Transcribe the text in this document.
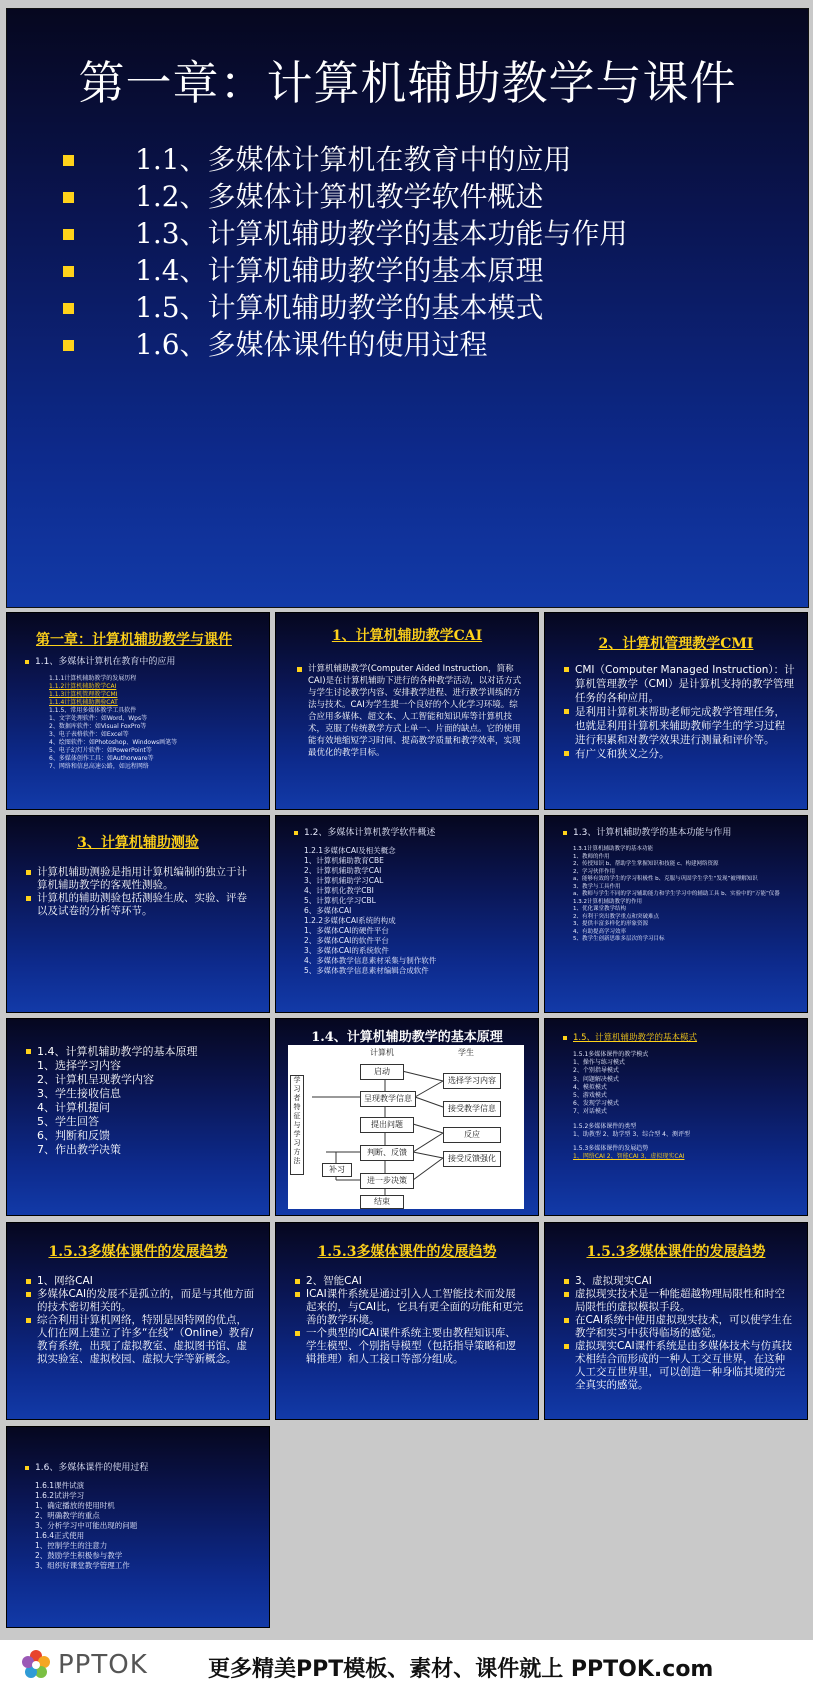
第一章：计算机辅助教学与课件
1.1、多媒体计算机在教育中的应用
1.2、多媒体计算机教学软件概述
1.3、计算机辅助教学的基本功能与作用
1.4、计算机辅助教学的基本原理
1.5、计算机辅助教学的基本模式
1.6、多媒体课件的使用过程
第一章：计算机辅助教学与课件

1.1、多媒体计算机在教育中的应用

1.1.1计算机辅助教学的发展历程

1.1.2计算机辅助教学CAI

1.1.3计算机管理教学CMI

1.1.4计算机辅助测验CAT

1.1.5、常用多媒体教学工具软件

1、文字处理软件：如Word、Wps等

2、数据库软件：如Visual FoxPro等

3、电子表格软件：如Excel等

4、绘图软件：如Photoshop、Windows画笔等

5、电子幻灯片软件：如PowerPoint等

6、多媒体创作工具：如Authorware等

7、网络和信息高速公路，如远程网络

1、计算机辅助教学CAI

计算机辅助教学(Computer Aided Instruction，简称CAI)是在计算机辅助下进行的各种教学活动，以对话方式与学生讨论教学内容、安排教学进程、进行教学训练的方法与技术。CAI为学生提一个良好的个人化学习环境。综合应用多媒体、超文本、人工智能和知识库等计算机技术，克服了传统教学方式上单一、片面的缺点。它的使用能有效地缩短学习时间、提高教学质量和教学效率，实现最优化的教学目标。

2、计算机管理教学CMI

CMI（Computer Managed Instruction）：计算机管理教学（CMI）是计算机支持的教学管理任务的各种应用。

是利用计算机来帮助老师完成教学管理任务，也就是利用计算机来辅助教师学生的学习过程进行积累和对教学效果进行测量和评价等。

有广义和狭义之分。

3、计算机辅助测验

计算机辅助测验是指用计算机编制的独立于计算机辅助教学的客观性测验。

计算机的辅助测验包括测验生成、实验、评卷以及试卷的分析等环节。

1.2、多媒体计算机教学软件概述

1.2.1多媒体CAI及相关概念

1、计算机辅助教育CBE

2、计算机辅助教学CAI

3、计算机辅助学习CAL

4、计算机化教学CBI

5、计算机化学习CBL

6、多媒体CAI

1.2.2多媒体CAI系统的构成

1、多媒体CAI的硬件平台

2、多媒体CAI的软件平台

3、多媒体CAI的系统软件

4、多媒体教学信息素材采集与制作软件

5、多媒体教学信息素材编辑合成软件

1.3、计算机辅助教学的基本功能与作用

1.3.1计算机辅助教学的基本功能

1、教师的作用

2、传授知识 b、帮助学生掌握知识和技能 c、构建网络资源

2、学习伙伴作用

a、能够有效的学生的学习积极性 b、克服与巩固学生学生“发现”被理解知识

3、教学与工具作用

a、教师与学生不同的学习辅助能力和学生学习中的辅助工具 b、实验中的“万能”仪器

1.3.2计算机辅助教学的作用

1、优化课堂教学结构

2、有利于突出教学重点和突破难点

3、提供丰富多样化的形象资源

4、有助提高学习效率

5、教学生创新思维多层次的学习目标

1.4、计算机辅助教学的基本原理

1、选择学习内容

2、计算机呈现教学内容

3、学生接收信息

4、计算机提问

5、学生回答

6、判断和反馈

7、作出教学决策

1.4、计算机辅助教学的基本原理
计算机	学生
学习者特征与学习方法
启动
呈现教学信息
提出问题
判断、反馈
进一步决策
结束
补习
选择学习内容
接受教学信息
反应
接受反馈强化

1.5、计算机辅助教学的基本模式

1.5.1多媒体课件的教学模式

1、操作与练习模式

2、个别指导模式

3、问题解决模式

4、模拟模式

5、游戏模式

6、发现学习模式

7、对话模式

1.5.2多媒体课件的类型

1、助教型 2、助学型 3、综合型 4、测评型

1.5.3多媒体课件的发展趋势

1、网络CAI 2、智能CAI 3、虚拟现实CAI

1.5.3多媒体课件的发展趋势

1、网络CAI

多媒体CAI的发展不是孤立的，而是与其他方面的技术密切相关的。

综合利用计算机网络，特别是因特网的优点，人们在网上建立了许多“在线”（Online）教育/教育系统，出现了虚拟教室、虚拟图书馆、虚拟实验室、虚拟校园、虚拟大学等新概念。

1.5.3多媒体课件的发展趋势

2、智能CAI

ICAI课件系统是通过引入人工智能技术而发展起来的，与CAI比，它具有更全面的功能和更完善的教学环境。

一个典型的ICAI课件系统主要由教程知识库、学生模型、个别指导模型（包括指导策略和逻辑推理）和人工接口等部分组成。

1.5.3多媒体课件的发展趋势

3、虚拟现实CAI

虚拟现实技术是一种能超越物理局限性和时空局限性的虚拟模拟手段。

在CAI系统中使用虚拟现实技术，可以使学生在教学和实习中获得临场的感觉。

虚拟现实CAI课件系统是由多媒体技术与仿真技术相结合而形成的一种人工交互世界，在这种人工交互世界里，可以创造一种身临其境的完全真实的感觉。

1.6、多媒体课件的使用过程

1.6.1课件试演

1.6.2试讲学习

1、确定播放的使用时机

2、明确教学的重点

3、分析学习中可能出现的问题

1.6.4正式使用

1、控制学生的注意力

2、鼓励学生积极参与教学

3、组织好课堂教学管理工作

PPTOK	更多精美PPT模板、素材、课件就上 PPTOK.com
